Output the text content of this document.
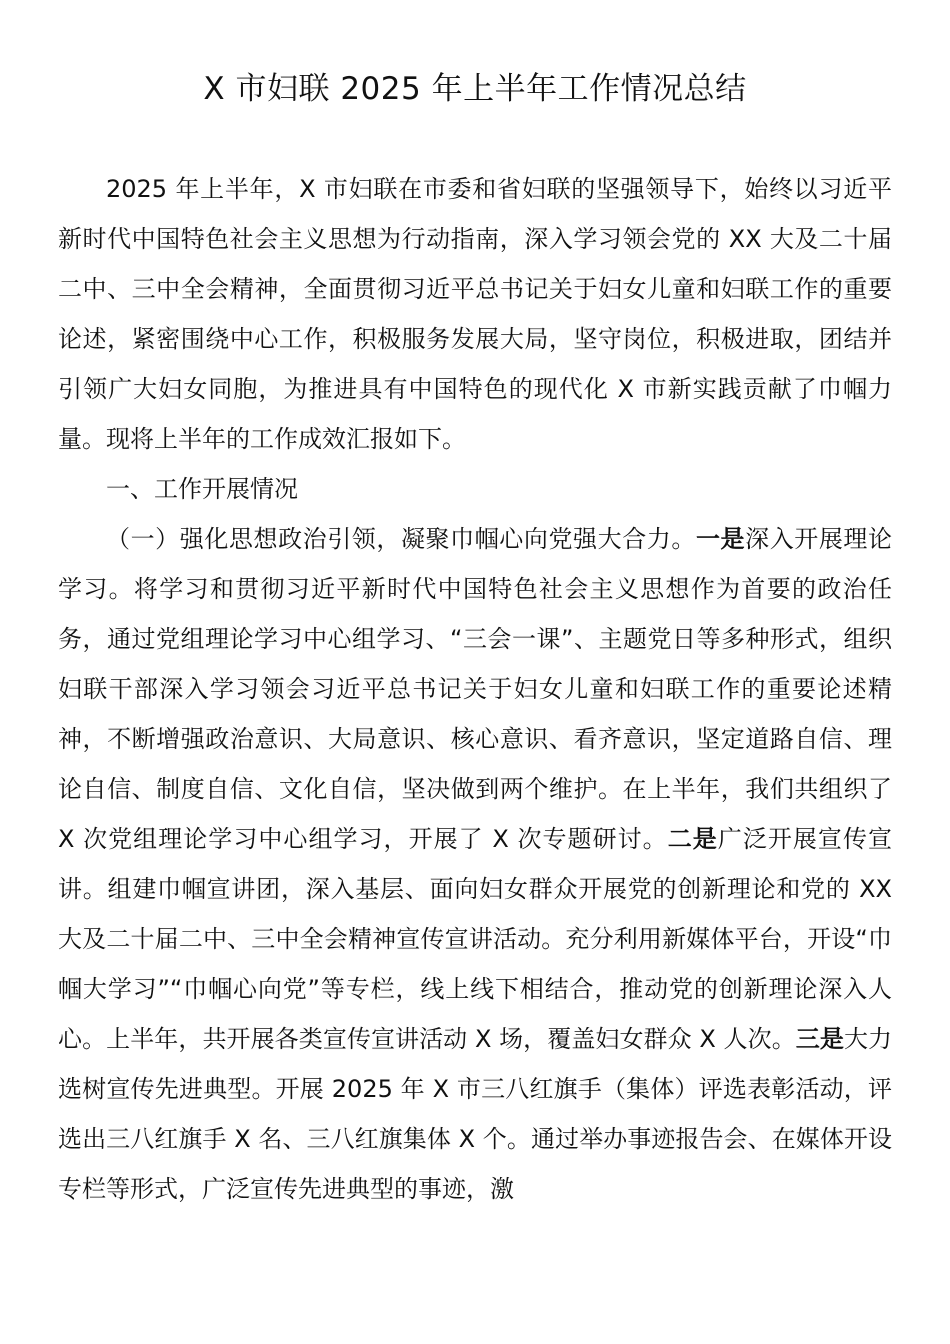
X 市妇联 2025 年上半年工作情况总结

2025 年上半年，X 市妇联在市委和省妇联的坚强领导下，始终以习近平新时代中国特色社会主义思想为行动指南，深入学习领会党的 XX 大及二十届二中、三中全会精神，全面贯彻习近平总书记关于妇女儿童和妇联工作的重要论述，紧密围绕中心工作，积极服务发展大局，坚守岗位，积极进取，团结并引领广大妇女同胞，为推进具有中国特色的现代化 X 市新实践贡献了巾帼力量。现将上半年的工作成效汇报如下。

一、工作开展情况

（一）强化思想政治引领，凝聚巾帼心向党强大合力。一是深入开展理论学习。将学习和贯彻习近平新时代中国特色社会主义思想作为首要的政治任务，通过党组理论学习中心组学习、“三会一课”、主题党日等多种形式，组织妇联干部深入学习领会习近平总书记关于妇女儿童和妇联工作的重要论述精神，不断增强政治意识、大局意识、核心意识、看齐意识，坚定道路自信、理论自信、制度自信、文化自信，坚决做到两个维护。在上半年，我们共组织了 X 次党组理论学习中心组学习，开展了 X 次专题研讨。二是广泛开展宣传宣讲。组建巾帼宣讲团，深入基层、面向妇女群众开展党的创新理论和党的 XX 大及二十届二中、三中全会精神宣传宣讲活动。充分利用新媒体平台，开设“巾帼大学习”“巾帼心向党”等专栏，线上线下相结合，推动党的创新理论深入人心。上半年，共开展各类宣传宣讲活动 X 场，覆盖妇女群众 X 人次。三是大力选树宣传先进典型。开展 2025 年 X 市三八红旗手（集体）评选表彰活动，评选出三八红旗手 X 名、三八红旗集体 X 个。通过举办事迹报告会、在媒体开设专栏等形式，广泛宣传先进典型的事迹，激
